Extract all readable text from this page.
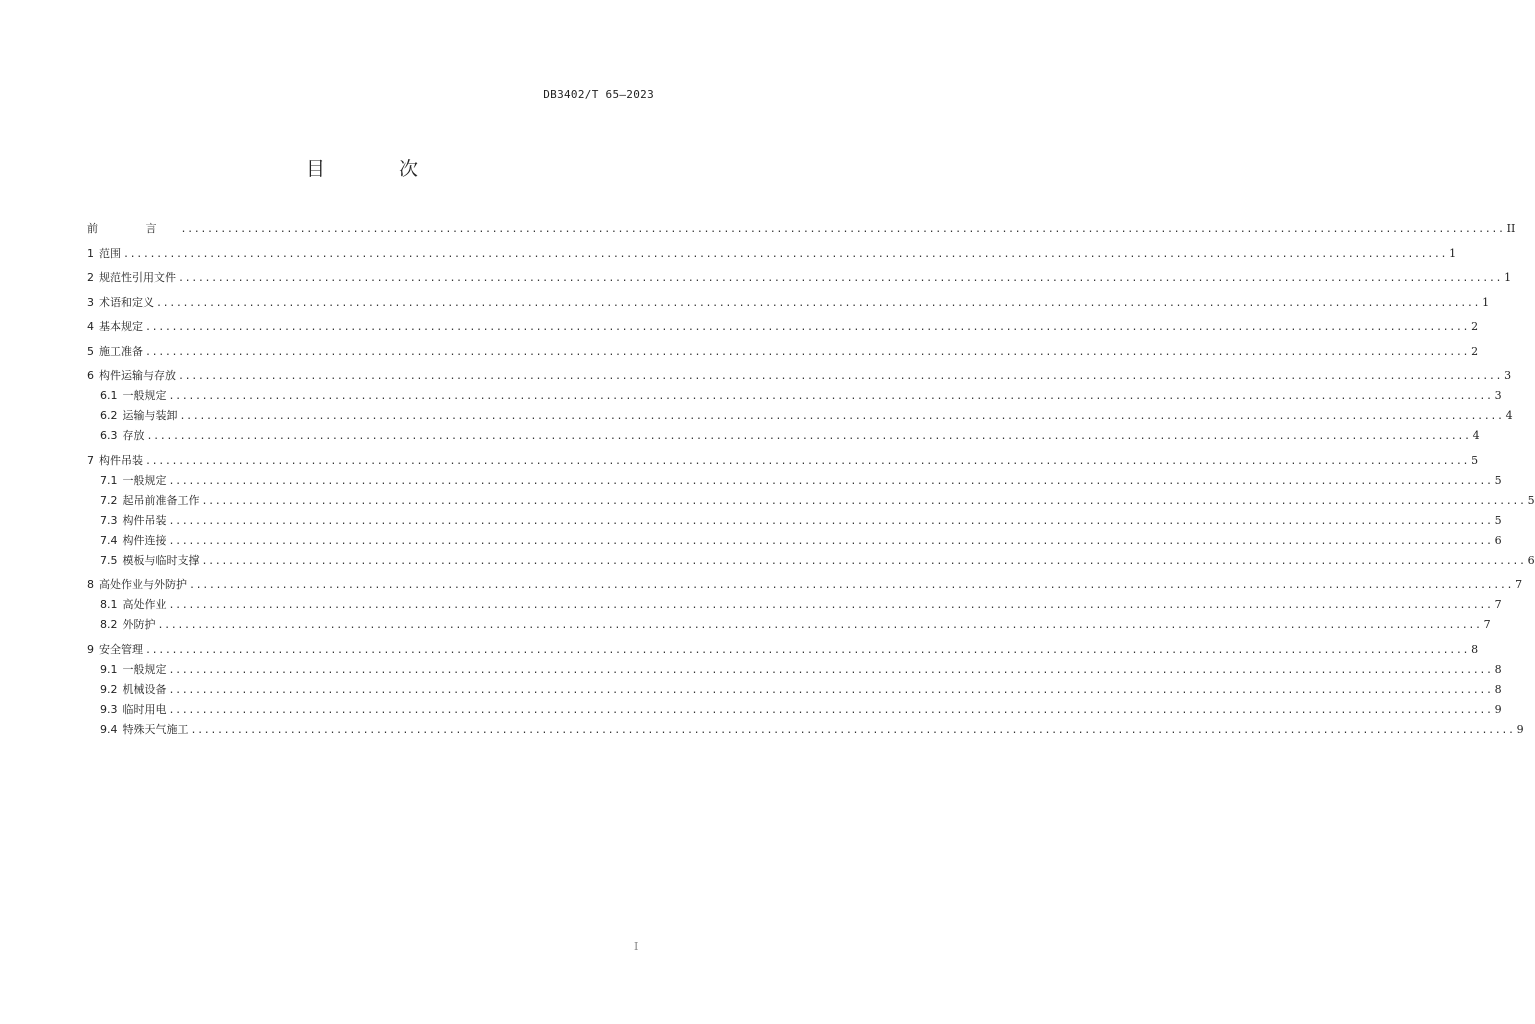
DB3402/T 65—2023
目 次
前 言 ........................................................................................................................................................................................................ II
1 范围 ........................................................................................................................................................................................................ 1
2 规范性引用文件 ........................................................................................................................................................................................................ 1
3 术语和定义 ........................................................................................................................................................................................................ 1
4 基本规定 ........................................................................................................................................................................................................ 2
5 施工准备 ........................................................................................................................................................................................................ 2
6 构件运输与存放 ........................................................................................................................................................................................................ 3
6.1 一般规定 ........................................................................................................................................................................................................ 3
6.2 运输与装卸 ........................................................................................................................................................................................................ 4
6.3 存放 ........................................................................................................................................................................................................ 4
7 构件吊装 ........................................................................................................................................................................................................ 5
7.1 一般规定 ........................................................................................................................................................................................................ 5
7.2 起吊前准备工作 ........................................................................................................................................................................................................ 5
7.3 构件吊装 ........................................................................................................................................................................................................ 5
7.4 构件连接 ........................................................................................................................................................................................................ 6
7.5 模板与临时支撑 ........................................................................................................................................................................................................ 6
8 高处作业与外防护 ........................................................................................................................................................................................................ 7
8.1 高处作业 ........................................................................................................................................................................................................ 7
8.2 外防护 ........................................................................................................................................................................................................ 7
9 安全管理 ........................................................................................................................................................................................................ 8
9.1 一般规定 ........................................................................................................................................................................................................ 8
9.2 机械设备 ........................................................................................................................................................................................................ 8
9.3 临时用电 ........................................................................................................................................................................................................ 9
9.4 特殊天气施工 ........................................................................................................................................................................................................ 9
I
